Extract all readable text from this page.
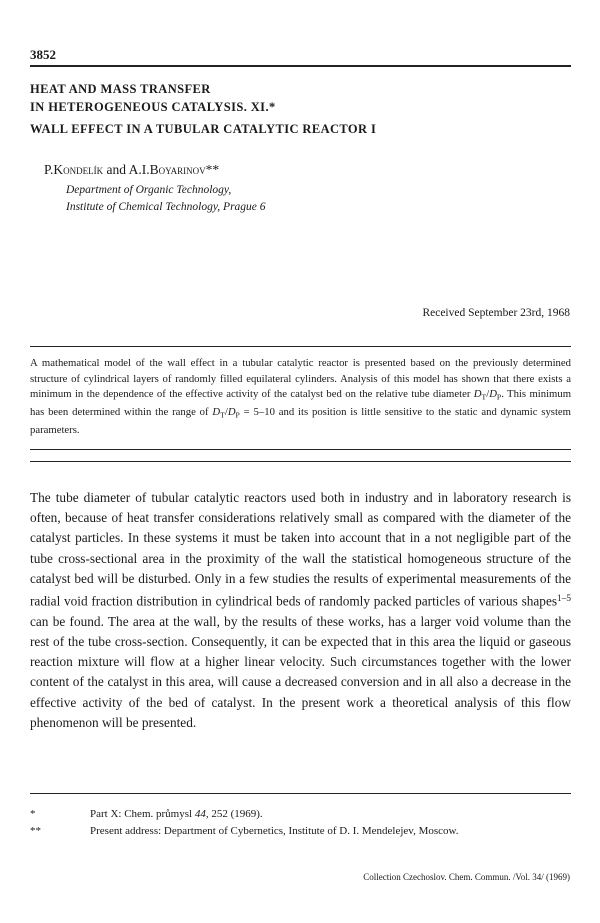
3852
HEAT AND MASS TRANSFER
IN HETEROGENEOUS CATALYSIS. XI.*
WALL EFFECT IN A TUBULAR CATALYTIC REACTOR I
P.Kondelík and A.I.Boyarinov**
Department of Organic Technology,
Institute of Chemical Technology, Prague 6
Received September 23rd, 1968
A mathematical model of the wall effect in a tubular catalytic reactor is presented based on the previously determined structure of cylindrical layers of randomly filled equilateral cylinders. Analysis of this model has shown that there exists a minimum in the dependence of the effective activity of the catalyst bed on the relative tube diameter $D_T/D_P$. This minimum has been determined within the range of $D_T/D_P = 5-10$ and its position is little sensitive to the static and dynamic system parameters.
The tube diameter of tubular catalytic reactors used both in industry and in laboratory research is often, because of heat transfer considerations relatively small as compared with the diameter of the catalyst particles. In these systems it must be taken into account that in a not negligible part of the tube cross-sectional area in the proximity of the wall the statistical homogeneous structure of the catalyst bed will be disturbed. Only in a few studies the results of experimental measurements of the radial void fraction distribution in cylindrical beds of randomly packed particles of various shapes$^{1-5}$ can be found. The area at the wall, by the results of these works, has a larger void volume than the rest of the tube cross-section. Consequently, it can be expected that in this area the liquid or gaseous reaction mixture will flow at a higher linear velocity. Such circumstances together with the lower content of the catalyst in this area, will cause a decreased conversion and in all also a decrease in the effective activity of the bed of catalyst. In the present work a theoretical analysis of this flow phenomenon will be presented.
*	Part X: Chem. průmysl 44, 252 (1969).
**	Present address: Department of Cybernetics, Institute of D. I. Mendelejev, Moscow.
Collection Czechoslov. Chem. Commun. /Vol. 34/ (1969)
